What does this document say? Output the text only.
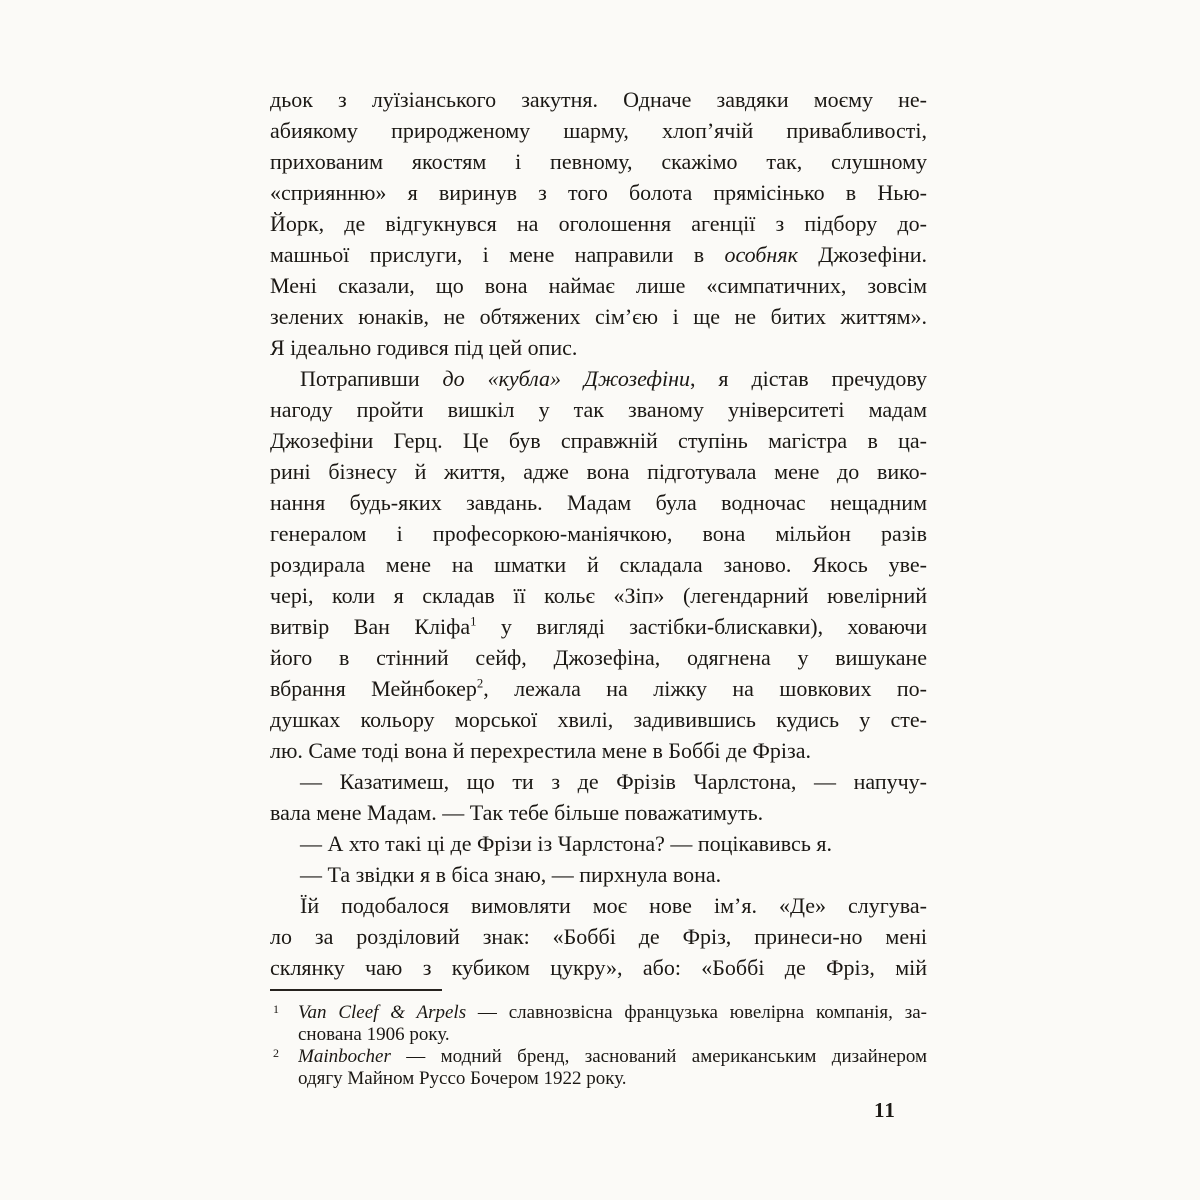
дьок з луїзіанського закутня. Одначе завдяки моєму не-
абиякому природженому шарму, хлоп’ячій привабливості,
прихованим якостям і певному, скажімо так, слушному
«сприянню» я виринув з того болота прямісінько в Нью-
Йорк, де відгукнувся на оголошення агенції з підбору до-
машньої прислуги, і мене направили в особняк Джозефіни.
Мені сказали, що вона наймає лише «симпатичних, зовсім
зелених юнаків, не обтяжених сім’єю і ще не битих життям».
Я ідеально годився під цей опис.
Потрапивши до «кубла» Джозефіни, я дістав пречудову
нагоду пройти вишкіл у так званому університеті мадам
Джозефіни Герц. Це був справжній ступінь магістра в ца-
рині бізнесу й життя, адже вона підготувала мене до вико-
нання будь-яких завдань. Мадам була водночас нещадним
генералом і професоркою-маніячкою, вона мільйон разів
роздирала мене на шматки й складала заново. Якось уве-
чері, коли я складав її кольє «Зіп» (легендарний ювелірний
витвір Ван Кліфа$^1$ у вигляді застібки-блискавки), ховаючи
його в стінний сейф, Джозефіна, одягнена у вишукане
вбрання Мейнбокер$^2$, лежала на ліжку на шовкових по-
душках кольору морської хвилі, задивившись кудись у сте-
лю. Саме тоді вона й перехрестила мене в Боббі де Фріза.
— Казатимеш, що ти з де Фрізів Чарлстона, — напучу-
вала мене Мадам. — Так тебе більше поважатимуть.
— А хто такі ці де Фрізи із Чарлстона? — поцікавивсь я.
— Та звідки я в біса знаю, — пирхнула вона.
Їй подобалося вимовляти моє нове ім’я. «Де» слугува-
ло за розділовий знак: «Боббі де Фріз, принеси-но мені
склянку чаю з кубиком цукру», або: «Боббі де Фріз, мій
1 Van Cleef & Arpels — славнозвісна французька ювелірна компанія, за-
снована 1906 року.
2 Mainbocher — модний бренд, заснований американським дизайнером
одягу Майном Руссо Бочером 1922 року.
11
